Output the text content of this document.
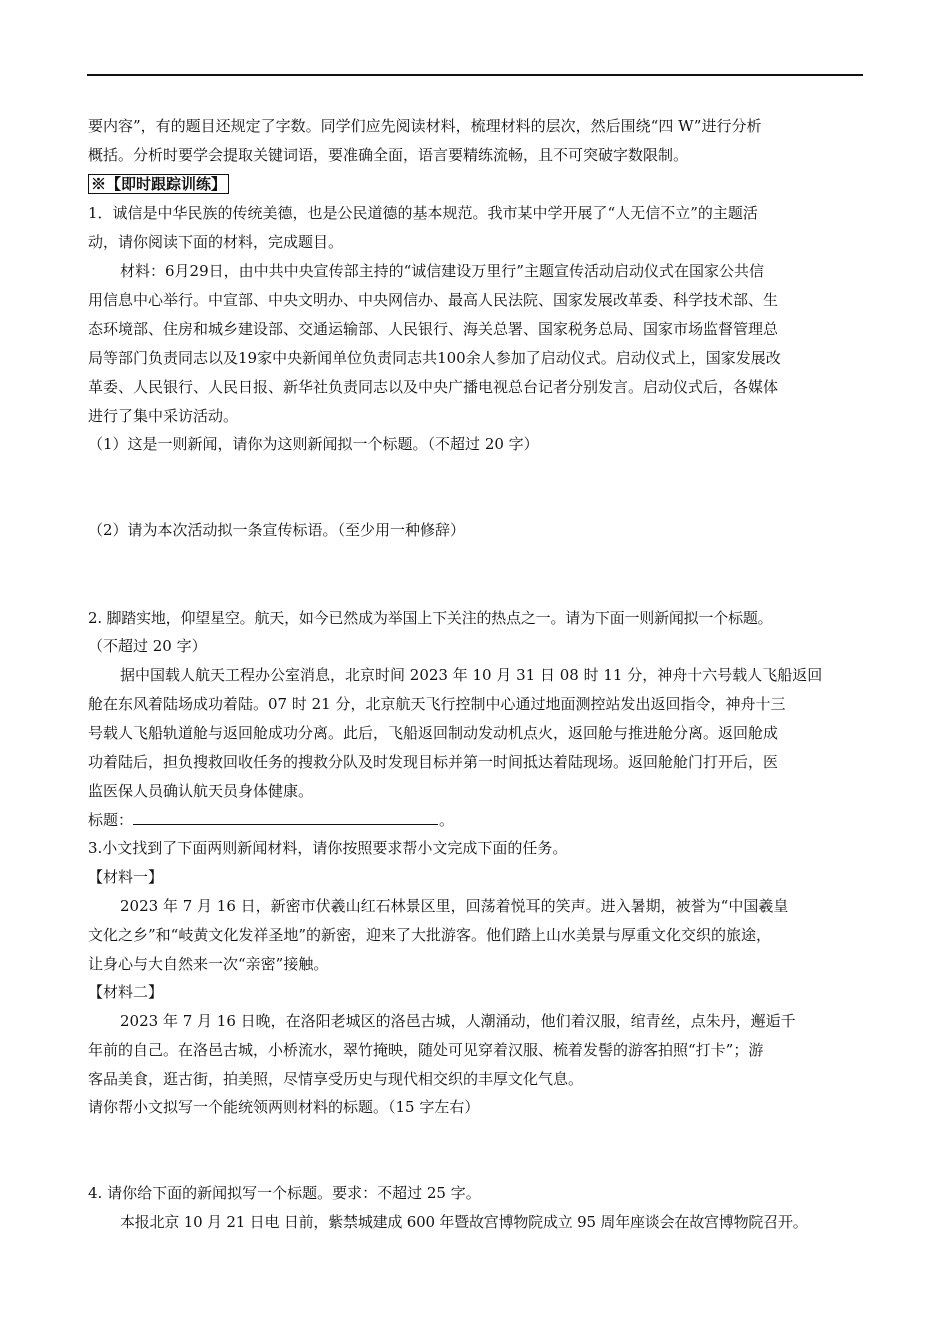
要内容”，有的题目还规定了字数。同学们应先阅读材料，梳理材料的层次，然后围绕“四 W”进行分析
概括。分析时要学会提取关键词语，要准确全面，语言要精练流畅，且不可突破字数限制。
※【即时跟踪训练】
1．诚信是中华民族的传统美德，也是公民道德的基本规范。我市某中学开展了“人无信不立”的主题活
动，请你阅读下面的材料，完成题目。
材料：6月29日，由中共中央宣传部主持的“诚信建设万里行”主题宣传活动启动仪式在国家公共信
用信息中心举行。中宣部、中央文明办、中央网信办、最高人民法院、国家发展改革委、科学技术部、生
态环境部、住房和城乡建设部、交通运输部、人民银行、海关总署、国家税务总局、国家市场监督管理总
局等部门负责同志以及19家中央新闻单位负责同志共100余人参加了启动仪式。启动仪式上，国家发展改
革委、人民银行、人民日报、新华社负责同志以及中央广播电视总台记者分别发言。启动仪式后，各媒体
进行了集中采访活动。
（1）这是一则新闻，请你为这则新闻拟一个标题。（不超过 20 字）
（2）请为本次活动拟一条宣传标语。（至少用一种修辞）
2. 脚踏实地，仰望星空。航天，如今已然成为举国上下关注的热点之一。请为下面一则新闻拟一个标题。
（不超过 20 字）
据中国载人航天工程办公室消息，北京时间 2023 年 10 月 31 日 08 时 11 分，神舟十六号载人飞船返回
舱在东风着陆场成功着陆。07 时 21 分，北京航天飞行控制中心通过地面测控站发出返回指令，神舟十三
号载人飞船轨道舱与返回舱成功分离。此后，飞船返回制动发动机点火，返回舱与推进舱分离。返回舱成
功着陆后，担负搜救回收任务的搜救分队及时发现目标并第一时间抵达着陆现场。返回舱舱门打开后，医
监医保人员确认航天员身体健康。
标题：	。
3.小文找到了下面两则新闻材料，请你按照要求帮小文完成下面的任务。
【材料一】
2023 年 7 月 16 日，新密市伏羲山红石林景区里，回荡着悦耳的笑声。进入暑期，被誉为“中国羲皇
文化之乡”和“岐黄文化发祥圣地”的新密，迎来了大批游客。他们踏上山水美景与厚重文化交织的旅途，
让身心与大自然来一次“亲密”接触。
【材料二】
2023 年 7 月 16 日晚，在洛阳老城区的洛邑古城，人潮涌动，他们着汉服，绾青丝，点朱丹，邂逅千
年前的自己。在洛邑古城，小桥流水，翠竹掩映，随处可见穿着汉服、梳着发髻的游客拍照“打卡”；游
客品美食，逛古街，拍美照，尽情享受历史与现代相交织的丰厚文化气息。
请你帮小文拟写一个能统领两则材料的标题。（15 字左右）
4. 请你给下面的新闻拟写一个标题。要求：不超过 25 字。
本报北京 10 月 21 日电 日前，紫禁城建成 600 年暨故宫博物院成立 95 周年座谈会在故宫博物院召开。
